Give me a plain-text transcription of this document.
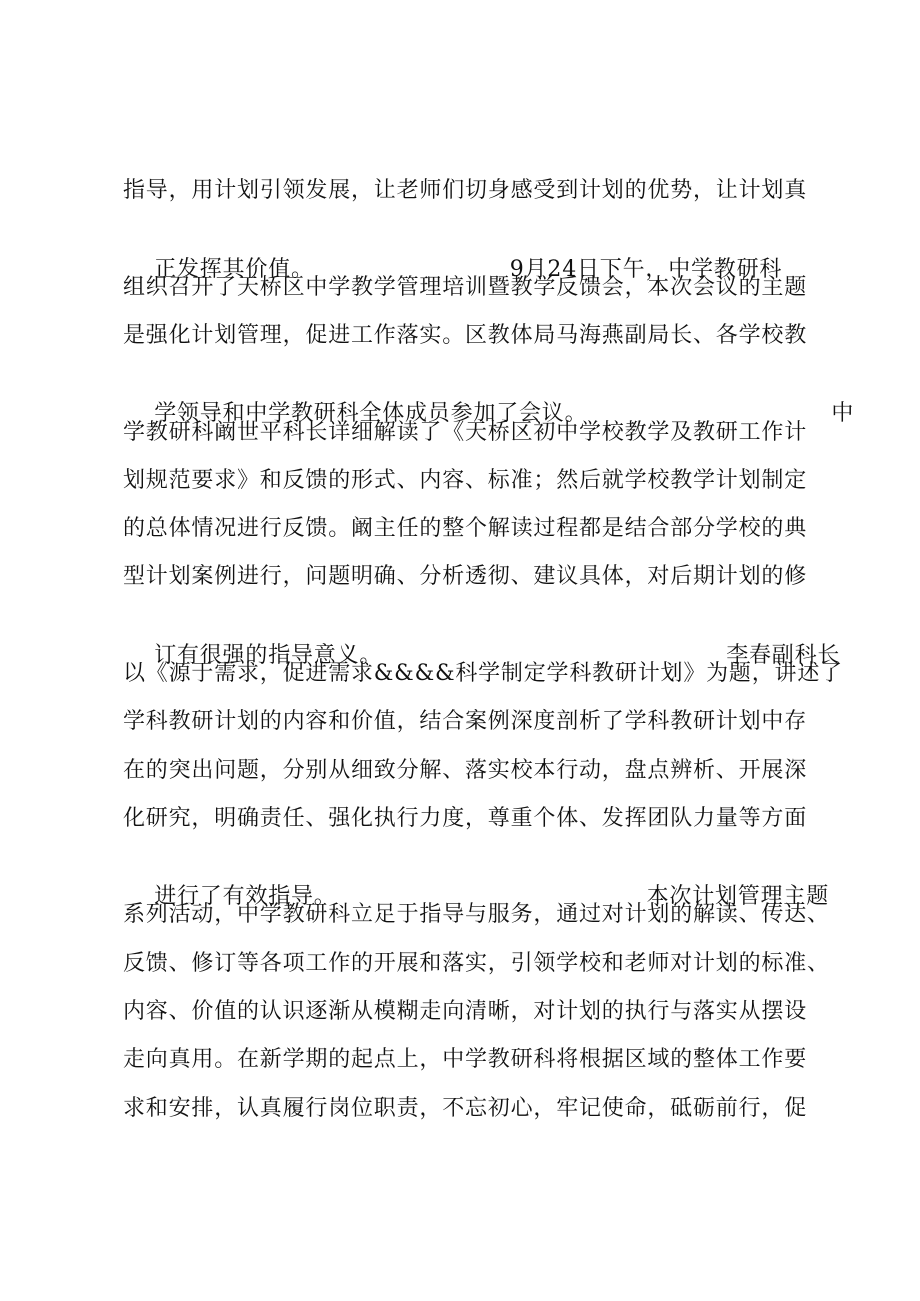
指导，用计划引领发展，让老师们切身感受到计划的优势，让计划真

正发挥其价值。	9月24日下午，中学教研科

组织召开了天桥区中学教学管理培训暨教学反馈会，本次会议的主题
是强化计划管理，促进工作落实。区教体局马海燕副局长、各学校教

学领导和中学教研科全体成员参加了会议。	中

学教研科阚世平科长详细解读了《天桥区初中学校教学及教研工作计
划规范要求》和反馈的形式、内容、标准；然后就学校教学计划制定
的总体情况进行反馈。阚主任的整个解读过程都是结合部分学校的典
型计划案例进行，问题明确、分析透彻、建议具体，对后期计划的修

订有很强的指导意义。	李春副科长

以《源于需求，促进需求&&&&科学制定学科教研计划》为题，讲述了
学科教研计划的内容和价值，结合案例深度剖析了学科教研计划中存
在的突出问题，分别从细致分解、落实校本行动，盘点辨析、开展深
化研究，明确责任、强化执行力度，尊重个体、发挥团队力量等方面

进行了有效指导。	本次计划管理主题

系列活动，中学教研科立足于指导与服务，通过对计划的解读、传达、
反馈、修订等各项工作的开展和落实，引领学校和老师对计划的标准、
内容、价值的认识逐渐从模糊走向清晰，对计划的执行与落实从摆设
走向真用。在新学期的起点上，中学教研科将根据区域的整体工作要
求和安排，认真履行岗位职责，不忘初心，牢记使命，砥砺前行，促
